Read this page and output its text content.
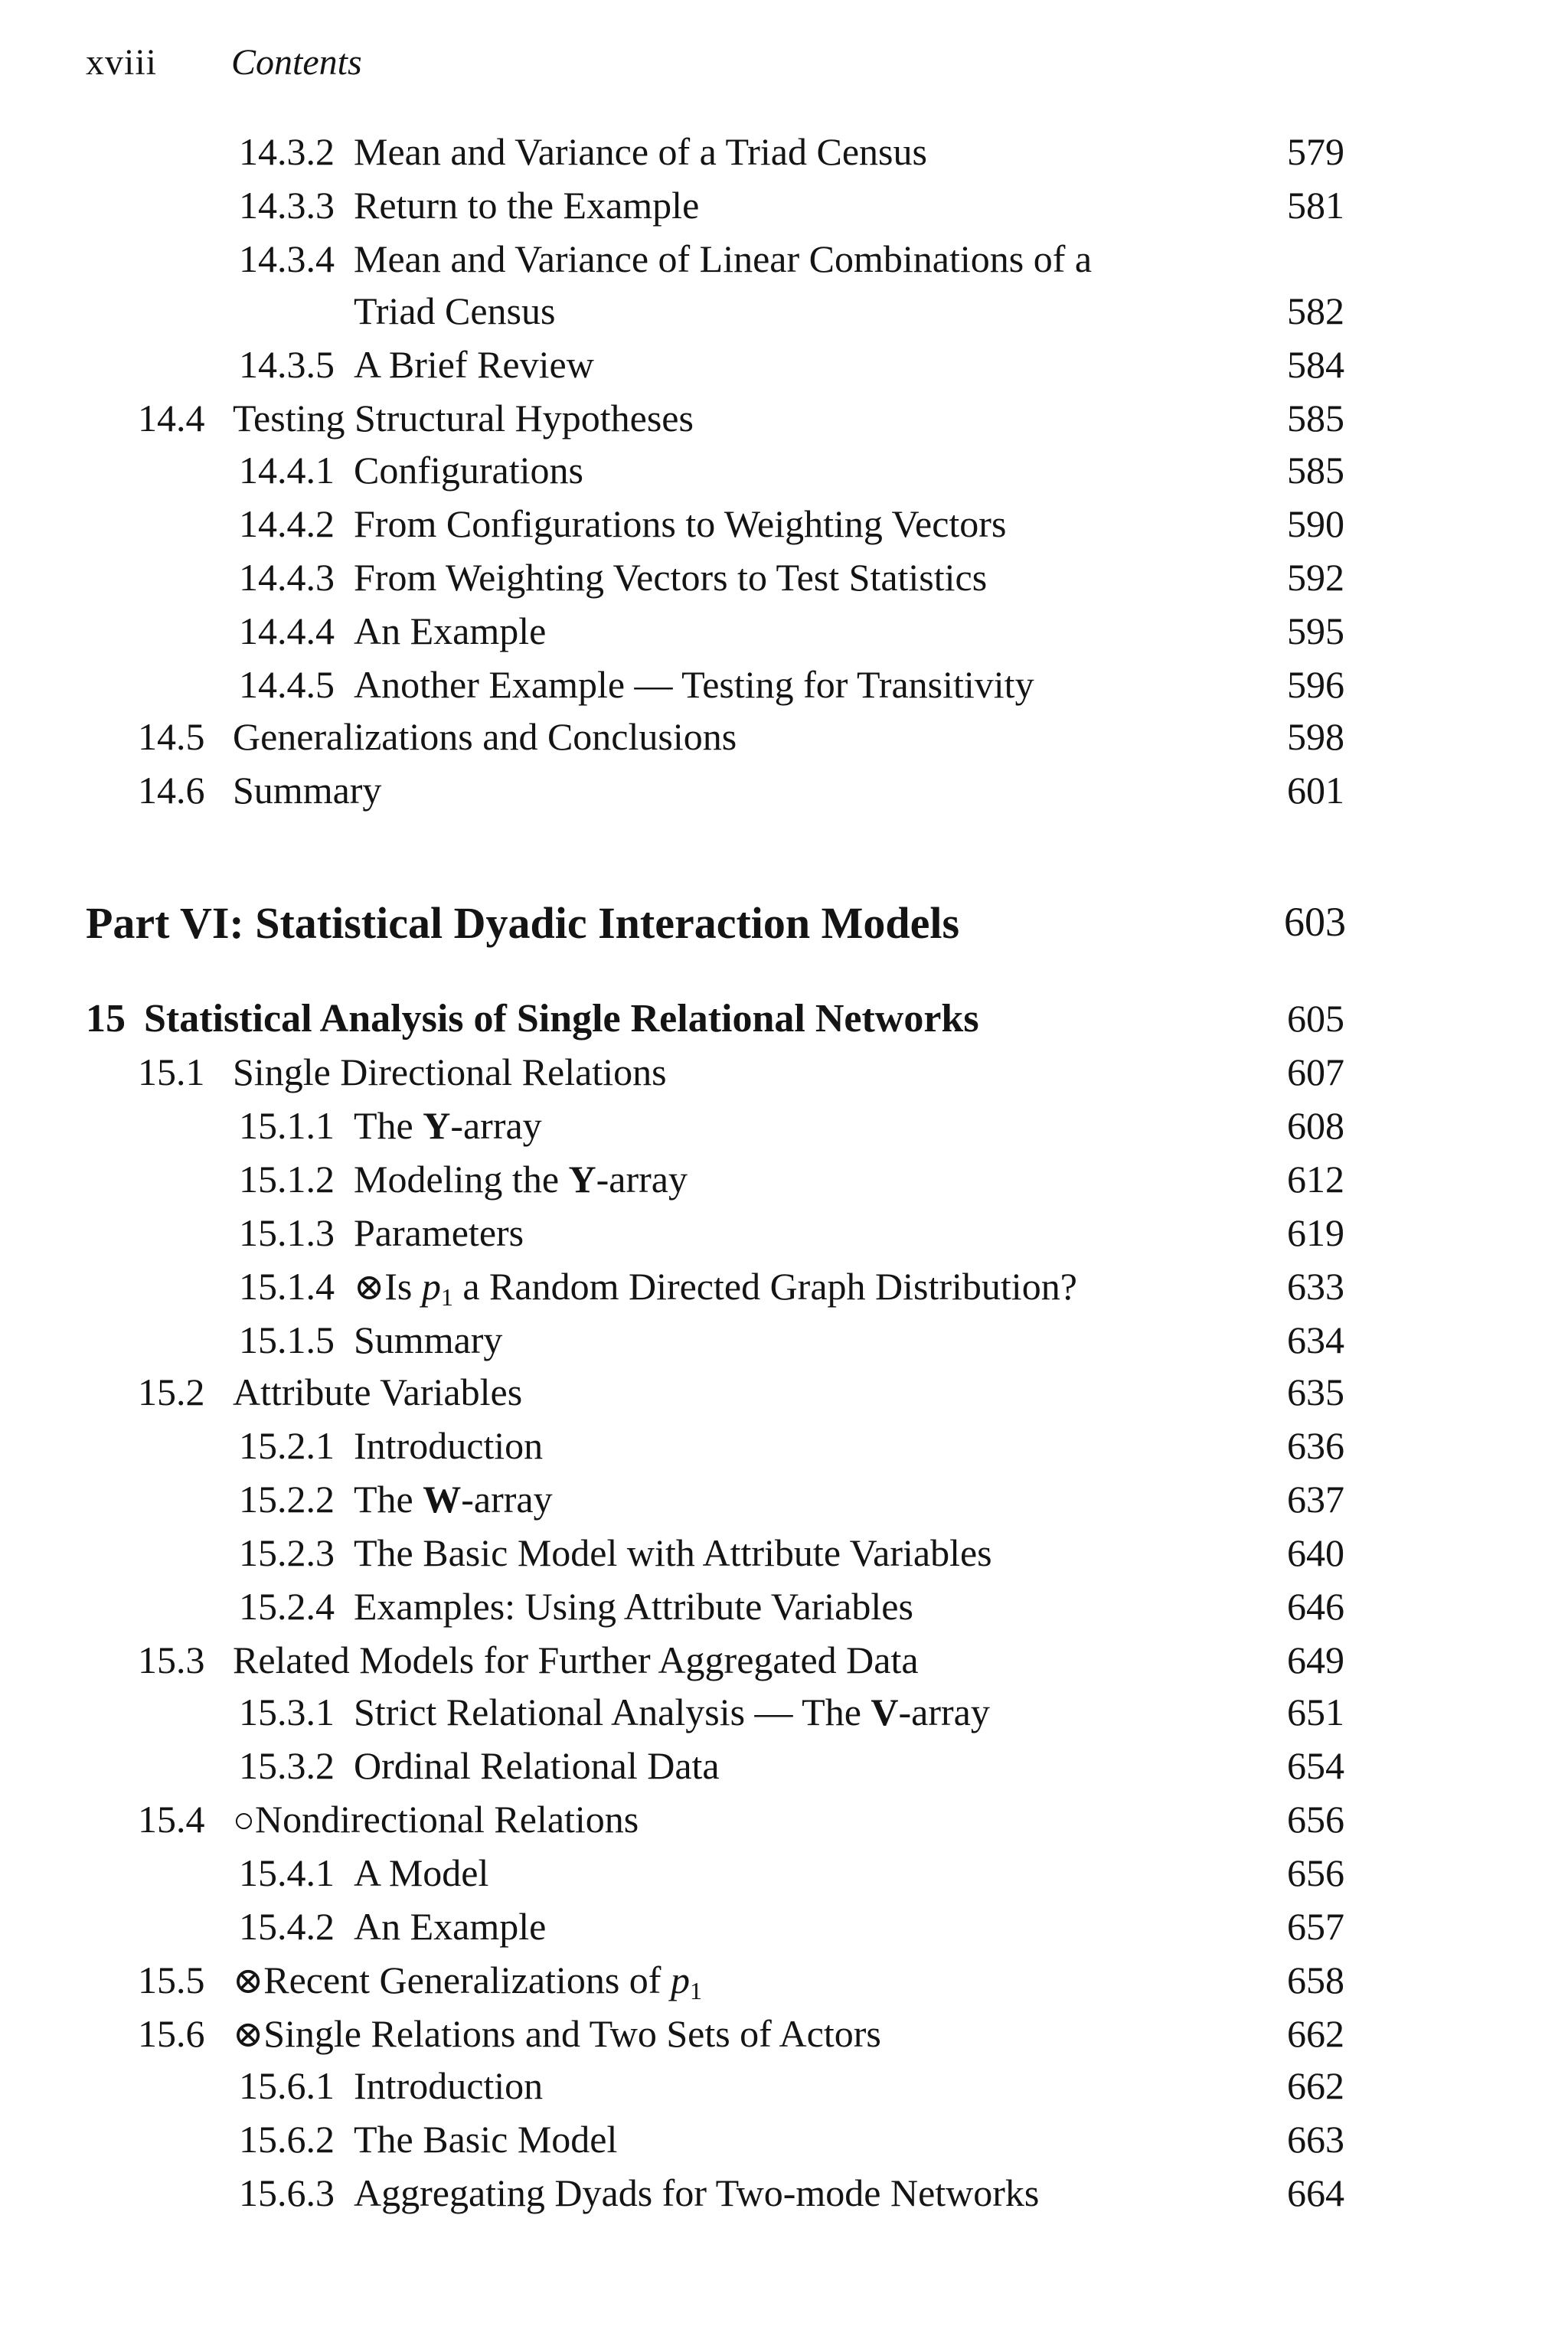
xviii Contents
14.3.2 Mean and Variance of a Triad Census	579
14.3.3 Return to the Example	581
14.3.4 Mean and Variance of Linear Combinations of a
Triad Census	582
14.3.5 A Brief Review	584
14.4 Testing Structural Hypotheses	585
14.4.1 Configurations	585
14.4.2 From Configurations to Weighting Vectors	590
14.4.3 From Weighting Vectors to Test Statistics	592
14.4.4 An Example	595
14.4.5 Another Example — Testing for Transitivity	596
14.5 Generalizations and Conclusions	598
14.6 Summary	601
Part VI: Statistical Dyadic Interaction Models	603
15 Statistical Analysis of Single Relational Networks	605
15.1 Single Directional Relations	607
15.1.1 The Y-array	608
15.1.2 Modeling the Y-array	612
15.1.3 Parameters	619
15.1.4 ⊗Is $p_1$ a Random Directed Graph Distribution?	633
15.1.5 Summary	634
15.2 Attribute Variables	635
15.2.1 Introduction	636
15.2.2 The W-array	637
15.2.3 The Basic Model with Attribute Variables	640
15.2.4 Examples: Using Attribute Variables	646
15.3 Related Models for Further Aggregated Data	649
15.3.1 Strict Relational Analysis — The V-array	651
15.3.2 Ordinal Relational Data	654
15.4 ○Nondirectional Relations	656
15.4.1 A Model	656
15.4.2 An Example	657
15.5 ⊗Recent Generalizations of $p_1$	658
15.6 ⊗Single Relations and Two Sets of Actors	662
15.6.1 Introduction	662
15.6.2 The Basic Model	663
15.6.3 Aggregating Dyads for Two-mode Networks	664
